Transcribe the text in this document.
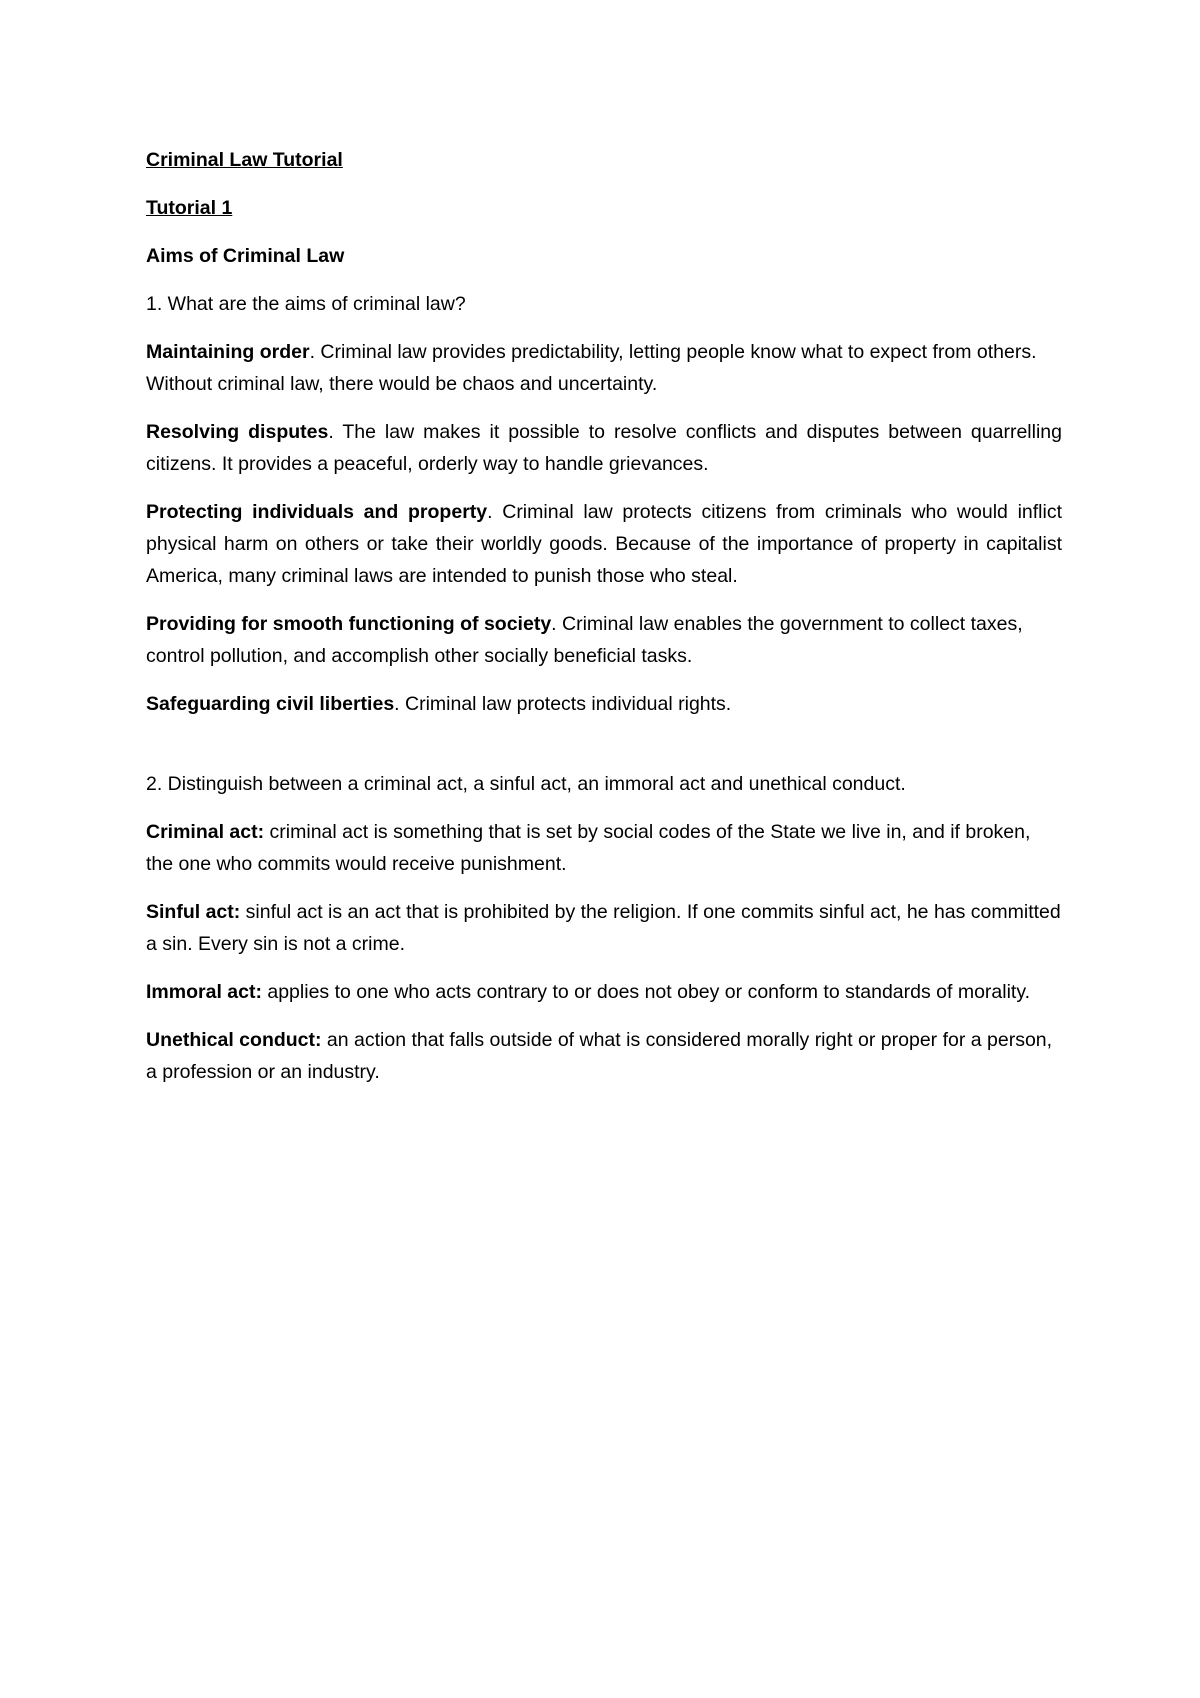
Criminal Law Tutorial

Tutorial 1

Aims of Criminal Law

1. What are the aims of criminal law?

Maintaining order. Criminal law provides predictability, letting people know what to expect from others. Without criminal law, there would be chaos and uncertainty.

Resolving disputes. The law makes it possible to resolve conflicts and disputes between quarrelling citizens. It provides a peaceful, orderly way to handle grievances.

Protecting individuals and property. Criminal law protects citizens from criminals who would inflict physical harm on others or take their worldly goods. Because of the importance of property in capitalist America, many criminal laws are intended to punish those who steal.

Providing for smooth functioning of society. Criminal law enables the government to collect taxes, control pollution, and accomplish other socially beneficial tasks.

Safeguarding civil liberties. Criminal law protects individual rights.

2. Distinguish between a criminal act, a sinful act, an immoral act and unethical conduct.

Criminal act: criminal act is something that is set by social codes of the State we live in, and if broken, the one who commits would receive punishment.

Sinful act: sinful act is an act that is prohibited by the religion. If one commits sinful act, he has committed a sin. Every sin is not a crime.

Immoral act: applies to one who acts contrary to or does not obey or conform to standards of morality.

Unethical conduct: an action that falls outside of what is considered morally right or proper for a person, a profession or an industry.
